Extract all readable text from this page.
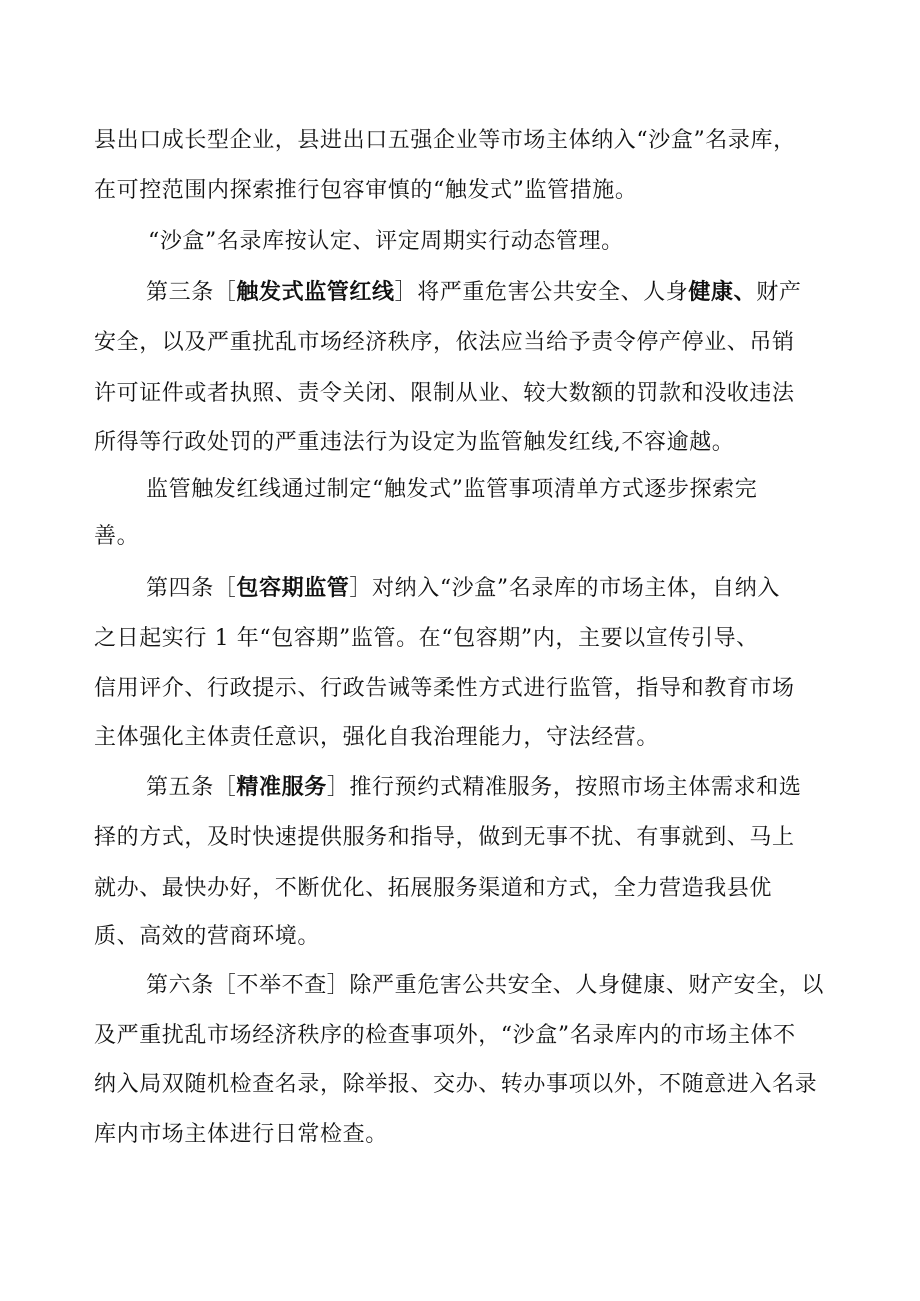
县出口成长型企业，县进出口五强企业等市场主体纳入“沙盒”名录库，
在可控范围内探索推行包容审慎的“触发式”监管措施。
“沙盒”名录库按认定、评定周期实行动态管理。
第三条［触发式监管红线］将严重危害公共安全、人身健康、财产
安全，以及严重扰乱市场经济秩序，依法应当给予责令停产停业、吊销
许可证件或者执照、责令关闭、限制从业、较大数额的罚款和没收违法
所得等行政处罚的严重违法行为设定为监管触发红线,不容逾越。
监管触发红线通过制定“触发式”监管事项清单方式逐步探索完
善。
第四条［包容期监管］对纳入“沙盒”名录库的市场主体，自纳入
之日起实行 1 年“包容期”监管。在“包容期”内，主要以宣传引导、
信用评介、行政提示、行政告诫等柔性方式进行监管，指导和教育市场
主体强化主体责任意识，强化自我治理能力，守法经营。
第五条［精准服务］推行预约式精准服务，按照市场主体需求和选
择的方式，及时快速提供服务和指导，做到无事不扰、有事就到、马上
就办、最快办好，不断优化、拓展服务渠道和方式，全力营造我县优
质、高效的营商环境。
第六条［不举不查］除严重危害公共安全、人身健康、财产安全，以
及严重扰乱市场经济秩序的检查事项外，“沙盒”名录库内的市场主体不
纳入局双随机检查名录，除举报、交办、转办事项以外，不随意进入名录
库内市场主体进行日常检查。
